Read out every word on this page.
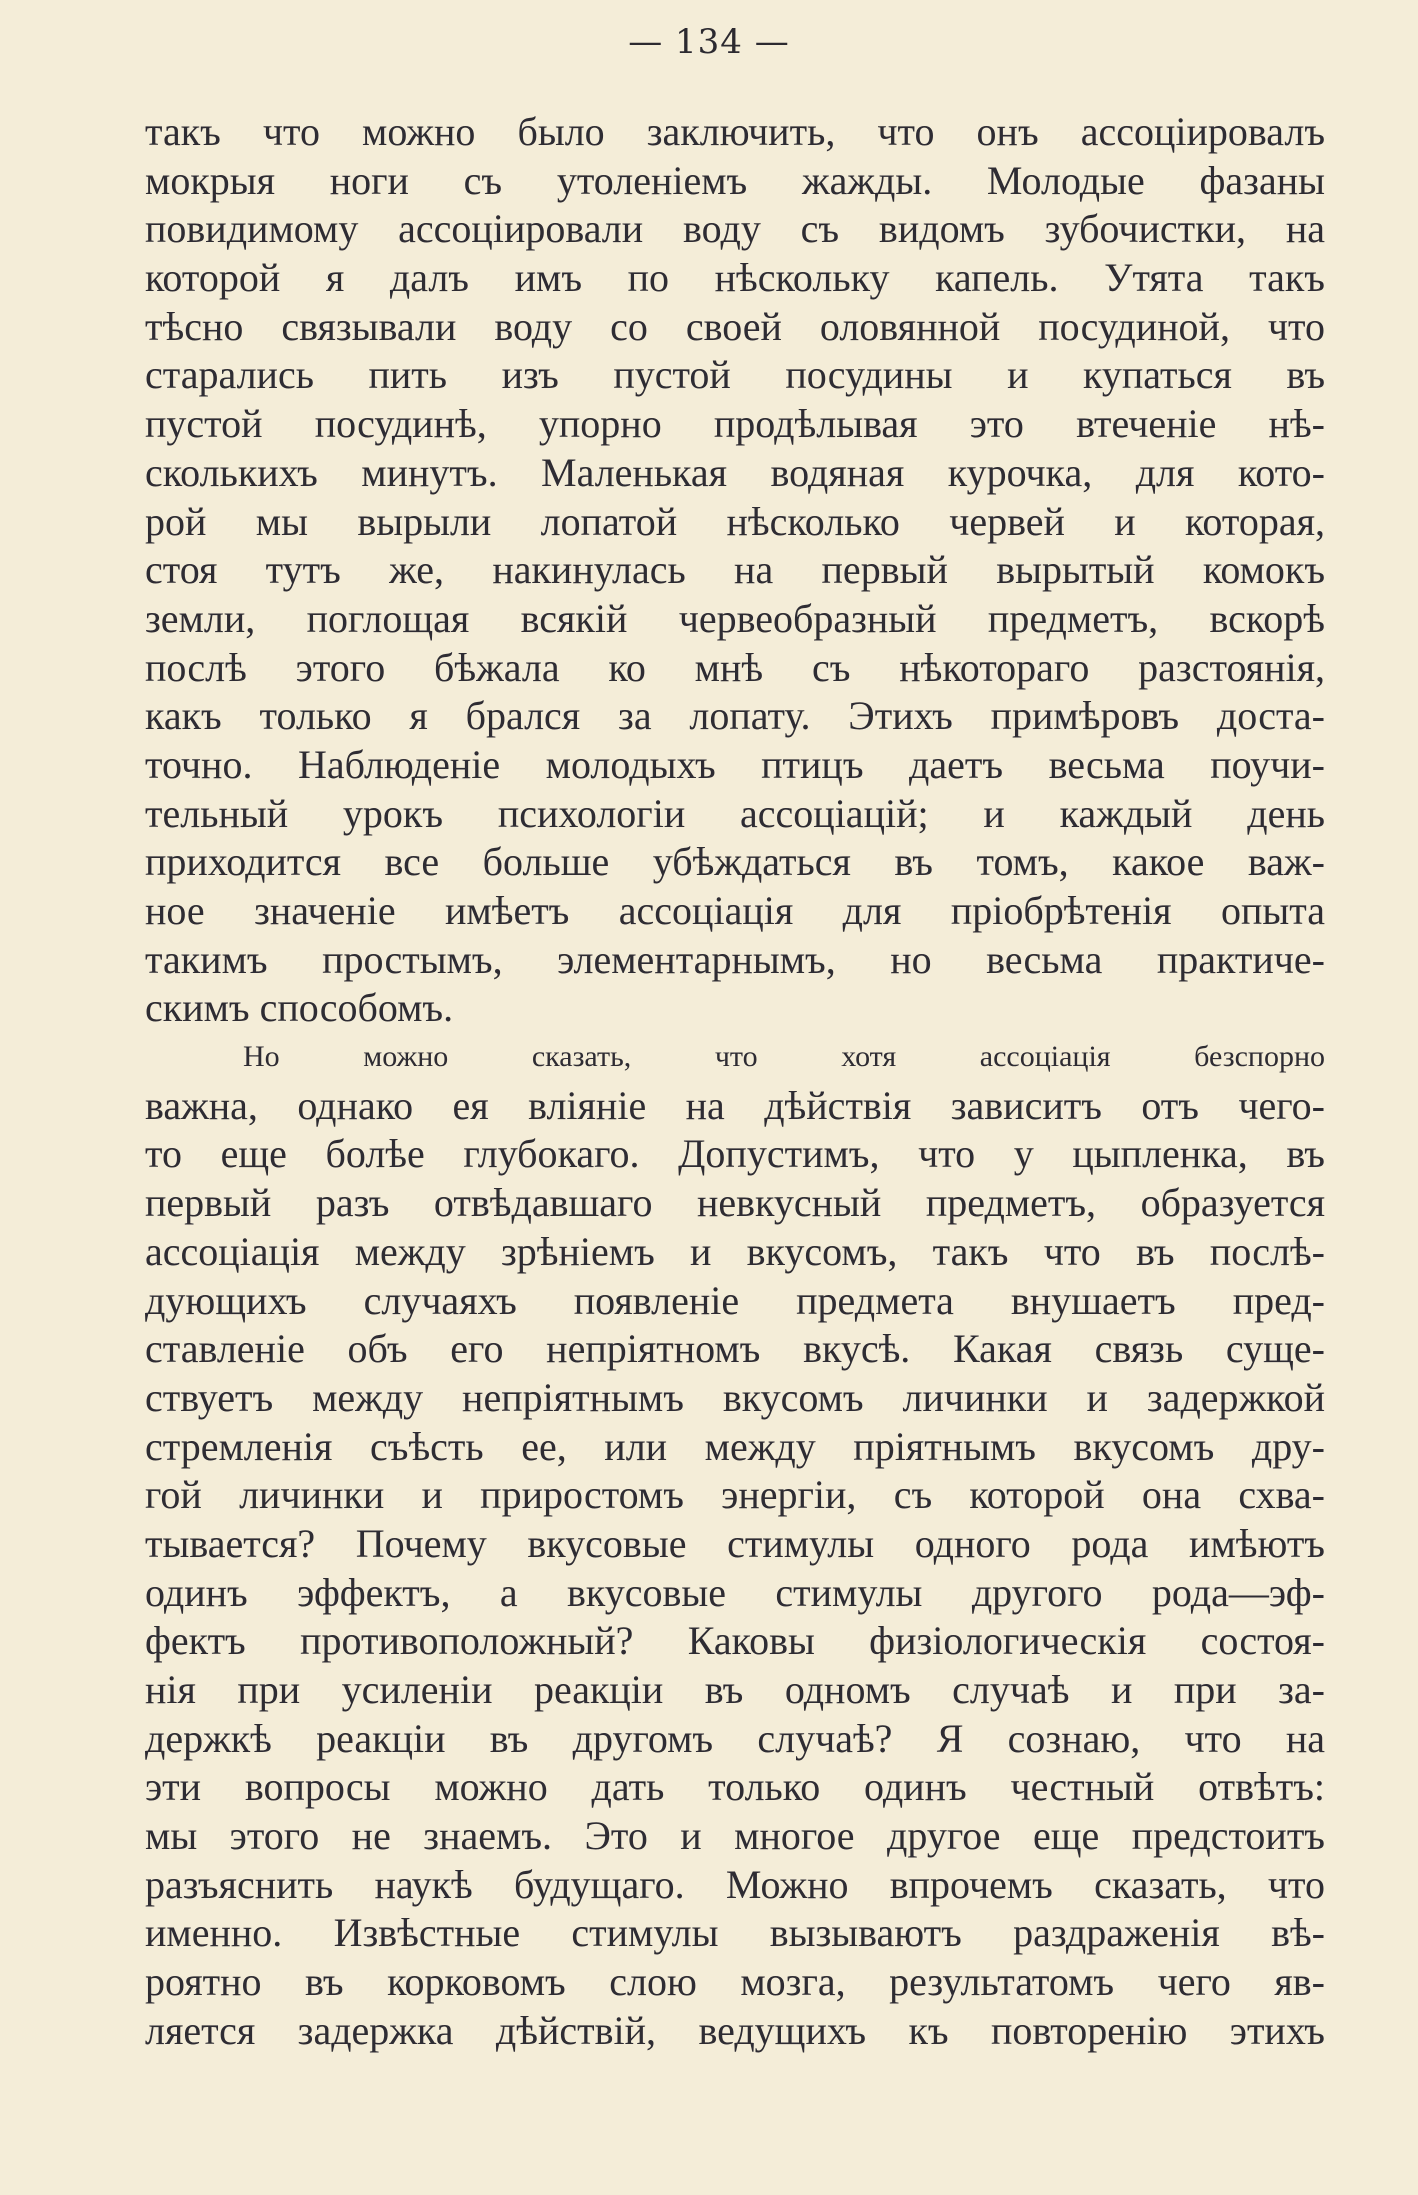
— 134 —
такъ что можно было заключить, что онъ ассоціировалъ
мокрыя ноги съ утоленіемъ жажды. Молодые фазаны
повидимому ассоціировали воду съ видомъ зубочистки, на
которой я далъ имъ по нѣскольку капель. Утята такъ
тѣсно связывали воду со своей оловянной посудиной, что
старались пить изъ пустой посудины и купаться въ
пустой посудинѣ, упорно продѣлывая это втеченіе нѣ-
сколькихъ минутъ. Маленькая водяная курочка, для кото-
рой мы вырыли лопатой нѣсколько червей и которая,
стоя тутъ же, накинулась на первый вырытый комокъ
земли, поглощая всякій червеобразный предметъ, вскорѣ
послѣ этого бѣжала ко мнѣ съ нѣкотораго разстоянія,
какъ только я брался за лопату. Этихъ примѣровъ доста-
точно. Наблюденіе молодыхъ птицъ даетъ весьма поучи-
тельный урокъ психологіи ассоціацій; и каждый день
приходится все больше убѣждаться въ томъ, какое важ-
ное значеніе имѣетъ ассоціація для пріобрѣтенія опыта
такимъ простымъ, элементарнымъ, но весьма практиче-
скимъ способомъ.
Но можно сказать, что хотя ассоціація безспорно
важна, однако ея вліяніе на дѣйствія зависитъ отъ чего-
то еще болѣе глубокаго. Допустимъ, что у цыпленка, въ
первый разъ отвѣдавшаго невкусный предметъ, образуется
ассоціація между зрѣніемъ и вкусомъ, такъ что въ послѣ-
дующихъ случаяхъ появленіе предмета внушаетъ пред-
ставленіе объ его непріятномъ вкусѣ. Какая связь суще-
ствуетъ между непріятнымъ вкусомъ личинки и задержкой
стремленія съѣсть ее, или между пріятнымъ вкусомъ дру-
гой личинки и приростомъ энергіи, съ которой она схва-
тывается? Почему вкусовые стимулы одного рода имѣютъ
одинъ эффектъ, а вкусовые стимулы другого рода—эф-
фектъ противоположный? Каковы физіологическія состоя-
нія при усиленіи реакціи въ одномъ случаѣ и при за-
держкѣ реакціи въ другомъ случаѣ? Я сознаю, что на
эти вопросы можно дать только одинъ честный отвѣтъ:
мы этого не знаемъ. Это и многое другое еще предстоитъ
разъяснить наукѣ будущаго. Можно впрочемъ сказать, что
именно. Извѣстные стимулы вызываютъ раздраженія вѣ-
роятно въ корковомъ слою мозга, результатомъ чего яв-
ляется задержка дѣйствій, ведущихъ къ повторенію этихъ
